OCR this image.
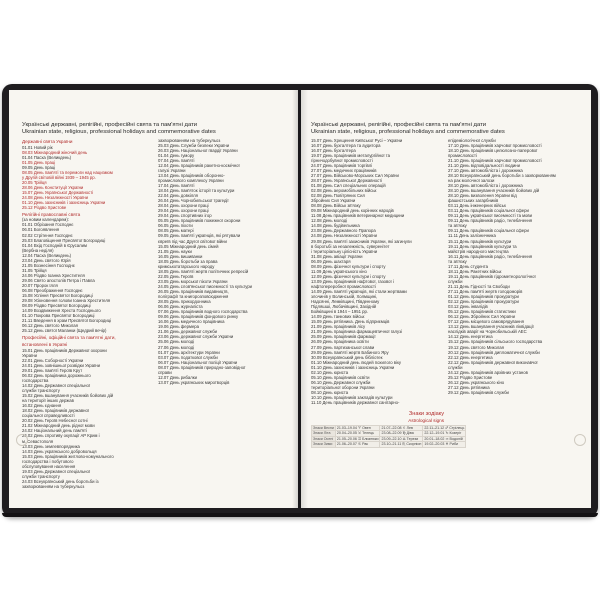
Українські державні, релігійні, професійні свята та пам'ятні дати
Ukrainian state, religious, professional holidays and commemorative dates
Державні свята України
01.01 Новий рік
08.03 Міжнародний жіночий день
01.04 Пасха (Великдень)
01.05 День праці
09.05 День праці
08.05 День пам'яті та перемоги над нацизмом
у Другій світовій війні 1939 – 1945 рр.
20.05 Трійця
28.06 День Конституції України
15.07 День Української Державності
24.08 День Незалежності України
01.10 День захисників і захисниць України
25.12 Різдво Христове
Релігійні православні свята
(за новим календарем):
01.01 Обрізання Господнє
06.01 Богоявлення
02.02 Стрітення Господнє
25.03 Благовіщення Пресвятої Богородиці
01.04 Вхід Господній в Єрусалим
(Вербна неділя)
12.04 Пасха (Великдень)
23.04 День святого Юрія
21.05 Вознесіння Господнє
31.05 Трійця
24.06 Різдво Іоанна Хрестителя
29.06 Свято апостолів Петра і Павла
20.07 Пророк Ілля
06.08 Преображення Господнє
15.08 Успіння Пресвятої Богородиці
29.08 Усікновення голови Іоанна Хрестителя
08.09 Різдво Пресвятої Богородиці
14.09 Воздвиження Хреста Господнього
01.10 Покрова Пресвятої Богородиці
21.11 Введення в храм Пресвятої Богородиці
06.12 День святого Миколая
25.12 День святої Маланки (Щедрий вечір)
Професійні, офіційні свята та пам'ятні дати,
встановлені в Україні
15.01 День працівників Державної охорони
України
22.01 День Соборності України
24.01 День зовнішньої розвідки України
29.01 День пам'яті Героїв Крут
06.02 День працівника дорожнього
господарства
14.02 День Державної спеціальної
служби транспорту
15.02 День вшанування учасників бойових дій
на території інших держав
16.02 День єднання
18.02 День працівників державної
соціальної справедливості
20.02 День Героїв Небесної сотні
21.02 Міжнародний день рідної мови
24.02 Національний день пам'яті
26.02 День спротиву окупації АР Крим і
м. Севастополя
13.03 День землевпорядника
14.03 День українського добровольця
15.03 День працівників житлово-комунального
господарства і побутового
обслуговування населення
19.03 День Державної спеціальної
служби транспорту
24.03 Всеукраїнський день боротьби із
захворюванням на туберкульоз
захворюванням на туберкульоз
25.03 День Служби безпеки України
26.03 День Національної гвардії України
01.04 День гумору
07.04 День пам'яті
12.04 День працівників ракетно-космічної
галузі України
13.04 День працівників оборонно-
промислового комплексу України
17.04 День пам'яті
18.04 День пам'яток історії та культури
22.04 День довкілля
26.04 День Чорнобильської трагедії
28.04 День охорони праці
29.04 День охорони праці
29.04 День спортивних ігор
05.05 День працівників пожежної охорони
06.05 День піхоти
08.05 День матері
09.05 День пам'яті українців, які рятували
євреїв під час Другої світової війни
15.05 Міжнародний день сімей
21.05 День науки
16.05 День вишиванки
18.05 День боротьби за права
кримськотатарського народу
18.05 День пам'яті жертв політичних репресій
22.05 День Героїв
23.05 День морської піхоти України
24.05 День слов'янської писемності та культури
26.05 День працівників видавництв,
поліграфії та книгорозповсюдження
28.05 День прикордонника
06.06 День журналіста
07.06 День працівників водного господарства
09.06 День працівників фондового ринку
16.06 День медичного працівника
19.06 День фермера
21.06 День державної служби
23.06 День державної служби України
25.06 День молоді
27.06 День молоді
01.07 День архітектури України
03.07 День податкової служби
06.07 День Національної поліції України
08.07 День працівників природно-заповідної
справи
12.07 День рибалки
13.07 День українських миротворців
Українські державні, релігійні, професійні свята та пам'ятні дати
Ukrainian state, religious, professional holidays and commemorative dates
15.07 День Хрещення Київської Русі – України
16.07 День бухгалтера та аудитора
16.07 День бухгалтера
19.07 День працівників металургійної та
гірничодобувної промисловості
24.07 День працівників торгівлі
27.07 День медичних працівників
27.07 День Військово-Морських Сил України
28.07 День Української Державності
01.08 День Сил спеціальних операцій
02.08 День аеромобільних військ
02.08 День Повітряних Сил
Збройних Сил України
08.08 День Військ зв'язку
09.08 Міжнародний день корінних народів
11.08 День працівників ветеринарної медицини
12.08 День молоді
14.08 День будівельника
23.08 День Державного Прапора
24.08 День Незалежності України
29.08 День пам'яті захисників України, які загинули
в боротьбі за незалежність, суверенітет
і територіальну цілісність України
31.08 День авіації України
06.09 День шахтаря
08.09 День фізичної культури і спорту
11.09 День українського кіно
12.09 День фізичної культури і спорту
13.09 День працівників нафтової, газової і
нафтопереробної промисловості
14.09 День пам'яті українців, які стали жертвами
злочинів у Волинській, Холмщині,
Надсянні, Лемківщині, Південному
Підляшші, Любачівщині, Західній
Бойківщині в 1944 – 1951 рр.
14.09 День танкових військ
15.09 День рятівника. День підприємців
21.09 День працівників лісу
21.09 День працівника фармацевтичної галузі
25.09 День працівників фармації
26.09 День працівника освіти
27.09 День партизанської слави
29.09 День пам'яті жертв Бабиного Яру
30.09 Всеукраїнський день бібліотек
01.10 Міжнародний день людей похилого віку
01.10 День захисників і захисниць України
02.10 День юриста
05.10 День працівників освіти
06.10 День Державної служби
територіальної оборони України
08.10 День юриста
10.10 День працівників закладів культури
11.10 День працівників державної санітарно-
Знаки зодіаку
Astrological signs
Знаки Весни	21.03–19.04 ♈ Овен	21.07–22.08 ♌ Лев	22.11–21.12 ♐ Стрілець
Знаки Літа	20.04–20.05 ♉ Телець	23.08–22.09 ♍ Діва	22.12–19.01 ♑ Козеріг
Знаки Осені	21.05–20.06 ♊ Близнюки	23.09–22.10 ♎ Терези	20.01–18.02 ♒ Водолій
Знаки Зими	21.06–20.07 ♋ Рак	23.10–21.11 ♏ Скорпіон	19.02–20.03 ♓ Риби
епідеміологічної служби
17.10 День працівників харчової промисловості
18.10 День працівників целюлозно-паперової
промисловості
21.10 День працівників харчової промисловості
21.10 День відповідальності людини
27.10 День автомобіліста і дорожника
28.10 Всеукраїнський день боротьби з захворюванням
на рак молочної залози
28.10 День автомобіліста і дорожника
28.10 День вшанування учасників бойових дій
28.10 День визволення України від
фашистських загарбників
03.11 День інженерних військ
03.11 День працівників соціальної сфери
09.11 День української писемності та мови
09.11 День працівників радіо, телебачення
та зв'язку
09.11 День працівників соціальної сфери
11.11 День залізничника
15.11 День працівників культури
19.11 День працівників культури та
майстрів народного мистецтва
16.11 День працівників радіо, телебачення
та зв'язку
17.11 День студента
18.11 День Ракетних військ
19.11 День працівників гідрометеорологічної
служби
21.11 День Гідності та Свободи
27.11 День пам'яті жертв голодоморів
01.12 День працівників прокуратури
02.12 День працівників прокуратури
03.12 День інвалідів
05.12 День працівників статистики
06.12 День Збройних Сил України
07.12 День місцевого самоврядування
13.12 День вшанування учасників ліквідації
наслідків аварії на Чорнобильській АЕС
14.12 День енергетика
15.12 День працівників сільського господарства
19.12 День святого Миколая
20.12 День працівників дипломатичної служби
22.12 День енергетика
22.12 День працівників державної виконавчої
служби
24.12 День працівників архівних установ
25.12 Різдво Христове
26.12 День українського кіно
27.12 День рятівника
29.12 День працівників служби
